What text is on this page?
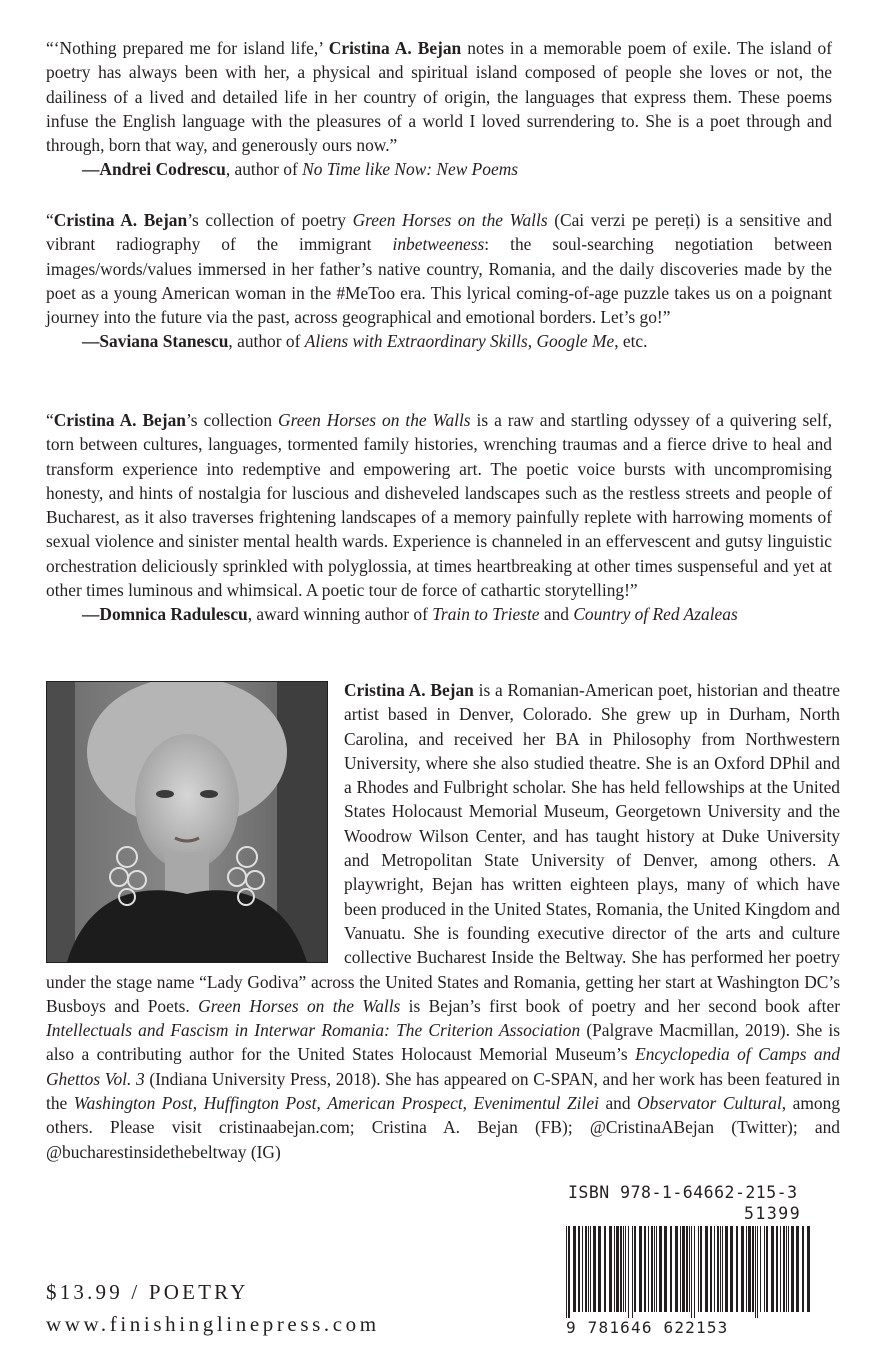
“‘Nothing prepared me for island life,’ Cristina A. Bejan notes in a memorable poem of exile. The island of poetry has always been with her, a physical and spiritual island composed of people she loves or not, the dailiness of a lived and detailed life in her country of origin, the languages that express them. These poems infuse the English language with the pleasures of a world I loved surrendering to. She is a poet through and through, born that way, and generously ours now.”

—Andrei Codrescu, author of No Time like Now: New Poems

“Cristina A. Bejan’s collection of poetry Green Horses on the Walls (Cai verzi pe pereți) is a sensitive and vibrant radiography of the immigrant inbetweeness: the soul-searching negotiation between images/words/values immersed in her father’s native country, Romania, and the daily discoveries made by the poet as a young American woman in the #MeToo era. This lyrical coming-of-age puzzle takes us on a poignant journey into the future via the past, across geographical and emotional borders. Let’s go!”

—Saviana Stanescu, author of Aliens with Extraordinary Skills, Google Me, etc.

“Cristina A. Bejan’s collection Green Horses on the Walls is a raw and startling odyssey of a quivering self, torn between cultures, languages, tormented family histories, wrenching traumas and a fierce drive to heal and transform experience into redemptive and empowering art. The poetic voice bursts with uncompromising honesty, and hints of nostalgia for luscious and disheveled landscapes such as the restless streets and people of Bucharest, as it also traverses frightening landscapes of a memory painfully replete with harrowing moments of sexual violence and sinister mental health wards. Experience is channeled in an effervescent and gutsy linguistic orchestration deliciously sprinkled with polyglossia, at times heartbreaking at other times suspenseful and yet at other times luminous and whimsical. A poetic tour de force of cathartic storytelling!”

—Domnica Radulescu, award winning author of Train to Trieste and Country of Red Azaleas

Cristina A. Bejan is a Romanian-American poet, historian and theatre artist based in Denver, Colorado. She grew up in Durham, North Carolina, and received her BA in Philosophy from Northwestern University, where she also studied theatre. She is an Oxford DPhil and a Rhodes and Fulbright scholar. She has held fellowships at the United States Holocaust Memorial Museum, Georgetown University and the Woodrow Wilson Center, and has taught history at Duke University and Metropolitan State University of Denver, among others. A playwright, Bejan has written eighteen plays, many of which have been produced in the United States, Romania, the United Kingdom and Vanuatu. She is founding executive director of the arts and culture collective Bucharest Inside the Beltway. She has performed her poetry under the stage name “Lady Godiva” across the United States and Romania, getting her start at Washington DC’s Busboys and Poets. Green Horses on the Walls is Bejan’s first book of poetry and her second book after Intellectuals and Fascism in Interwar Romania: The Criterion Association (Palgrave Macmillan, 2019). She is also a contributing author for the United States Holocaust Memorial Museum’s Encyclopedia of Camps and Ghettos Vol. 3 (Indiana University Press, 2018). She has appeared on C-SPAN, and her work has been featured in the Washington Post, Huffington Post, American Prospect, Evenimentul Zilei and Observator Cultural, among others. Please visit cristinaabejan.com; Cristina A. Bejan (FB); @CristinaABejan (Twitter); and @bucharestinsidethebeltway (IG)
$13.99 / POETRY
www.finishinglinepress.com
ISBN 978-1-64662-215-3
51399
9 781646 622153
